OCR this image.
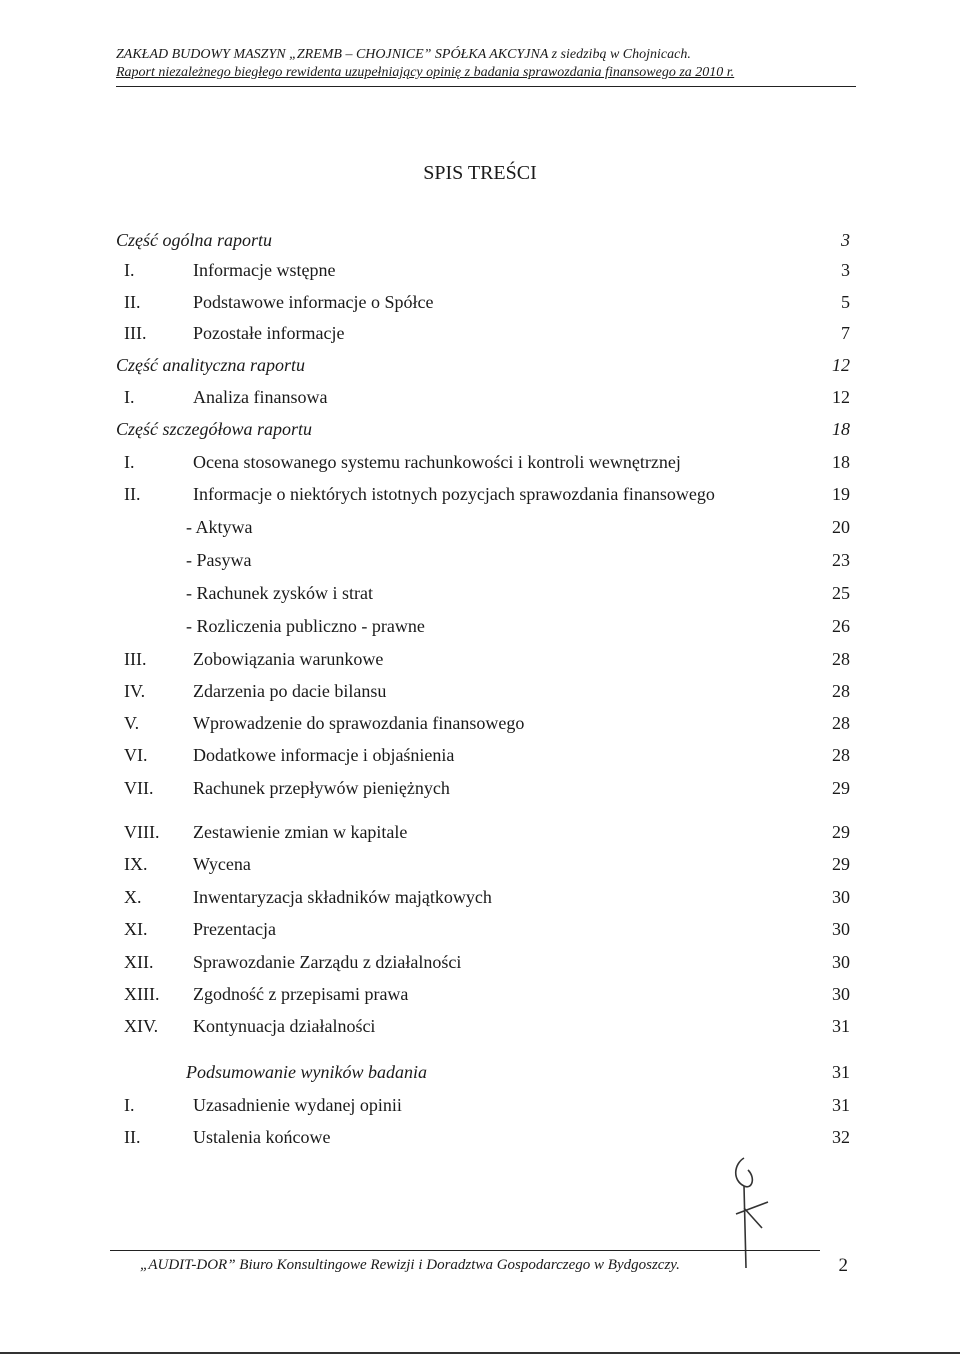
ZAKŁAD BUDOWY MASZYN „ZREMB – CHOJNICE” SPÓŁKA AKCYJNA z siedzibą w Chojnicach.
Raport niezależnego biegłego rewidenta uzupełniający opinię z badania sprawozdania finansowego za 2010 r.
SPIS TREŚCI
Część ogólna raportu	3
I.	Informacje wstępne	3
II.	Podstawowe informacje o Spółce	5
III.	Pozostałe informacje	7
Część analityczna raportu	12
I.	Analiza finansowa	12
Część szczegółowa raportu	18
I.	Ocena stosowanego systemu rachunkowości i kontroli wewnętrznej	18
II.	Informacje o niektórych istotnych pozycjach sprawozdania finansowego	19
- Aktywa	20
- Pasywa	23
- Rachunek zysków i strat	25
- Rozliczenia publiczno - prawne	26
III.	Zobowiązania warunkowe	28
IV.	Zdarzenia po dacie bilansu	28
V.	Wprowadzenie do sprawozdania finansowego	28
VI.	Dodatkowe informacje i objaśnienia	28
VII. Rachunek przepływów pieniężnych	29
VIII. Zestawienie zmian w kapitale	29
IX.	Wycena	29
X.	Inwentaryzacja składników majątkowych	30
XI.	Prezentacja	30
XII. Sprawozdanie Zarządu z działalności	30
XIII. Zgodność z przepisami prawa	30
XIV. Kontynuacja działalności	31
Podsumowanie wyników badania	31
I.	Uzasadnienie wydanej opinii	31
II.	Ustalenia końcowe	32
„AUDIT-DOR” Biuro Konsultingowe Rewizji i Doradztwa Gospodarczego w Bydgoszczy.	2
